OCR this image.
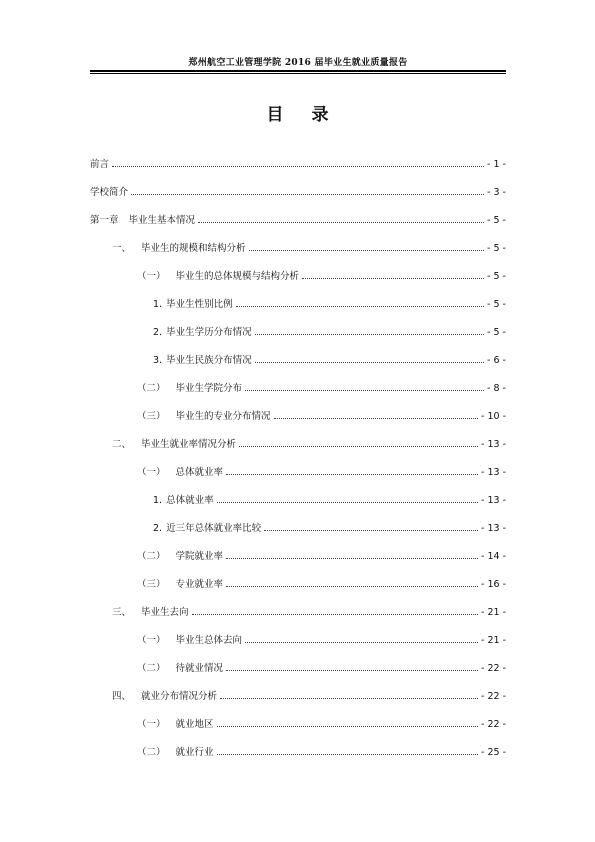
郑州航空工业管理学院 2016 届毕业生就业质量报告
目录
前言	- 1 -
学校简介	- 3 -
第一章 毕业生基本情况	- 5 -
一、 毕业生的规模和结构分析	- 5 -
（一） 毕业生的总体规模与结构分析	- 5 -
1. 毕业生性别比例	- 5 -
2. 毕业生学历分布情况	- 5 -
3. 毕业生民族分布情况	- 6 -
（二） 毕业生学院分布	- 8 -
（三） 毕业生的专业分布情况	- 10 -
二、 毕业生就业率情况分析	- 13 -
（一） 总体就业率	- 13 -
1. 总体就业率	- 13 -
2. 近三年总体就业率比较	- 13 -
（二） 学院就业率	- 14 -
（三） 专业就业率	- 16 -
三、 毕业生去向	- 21 -
（一） 毕业生总体去向	- 21 -
（二） 待就业情况	- 22 -
四、 就业分布情况分析	- 22 -
（一） 就业地区	- 22 -
（二） 就业行业	- 25 -
